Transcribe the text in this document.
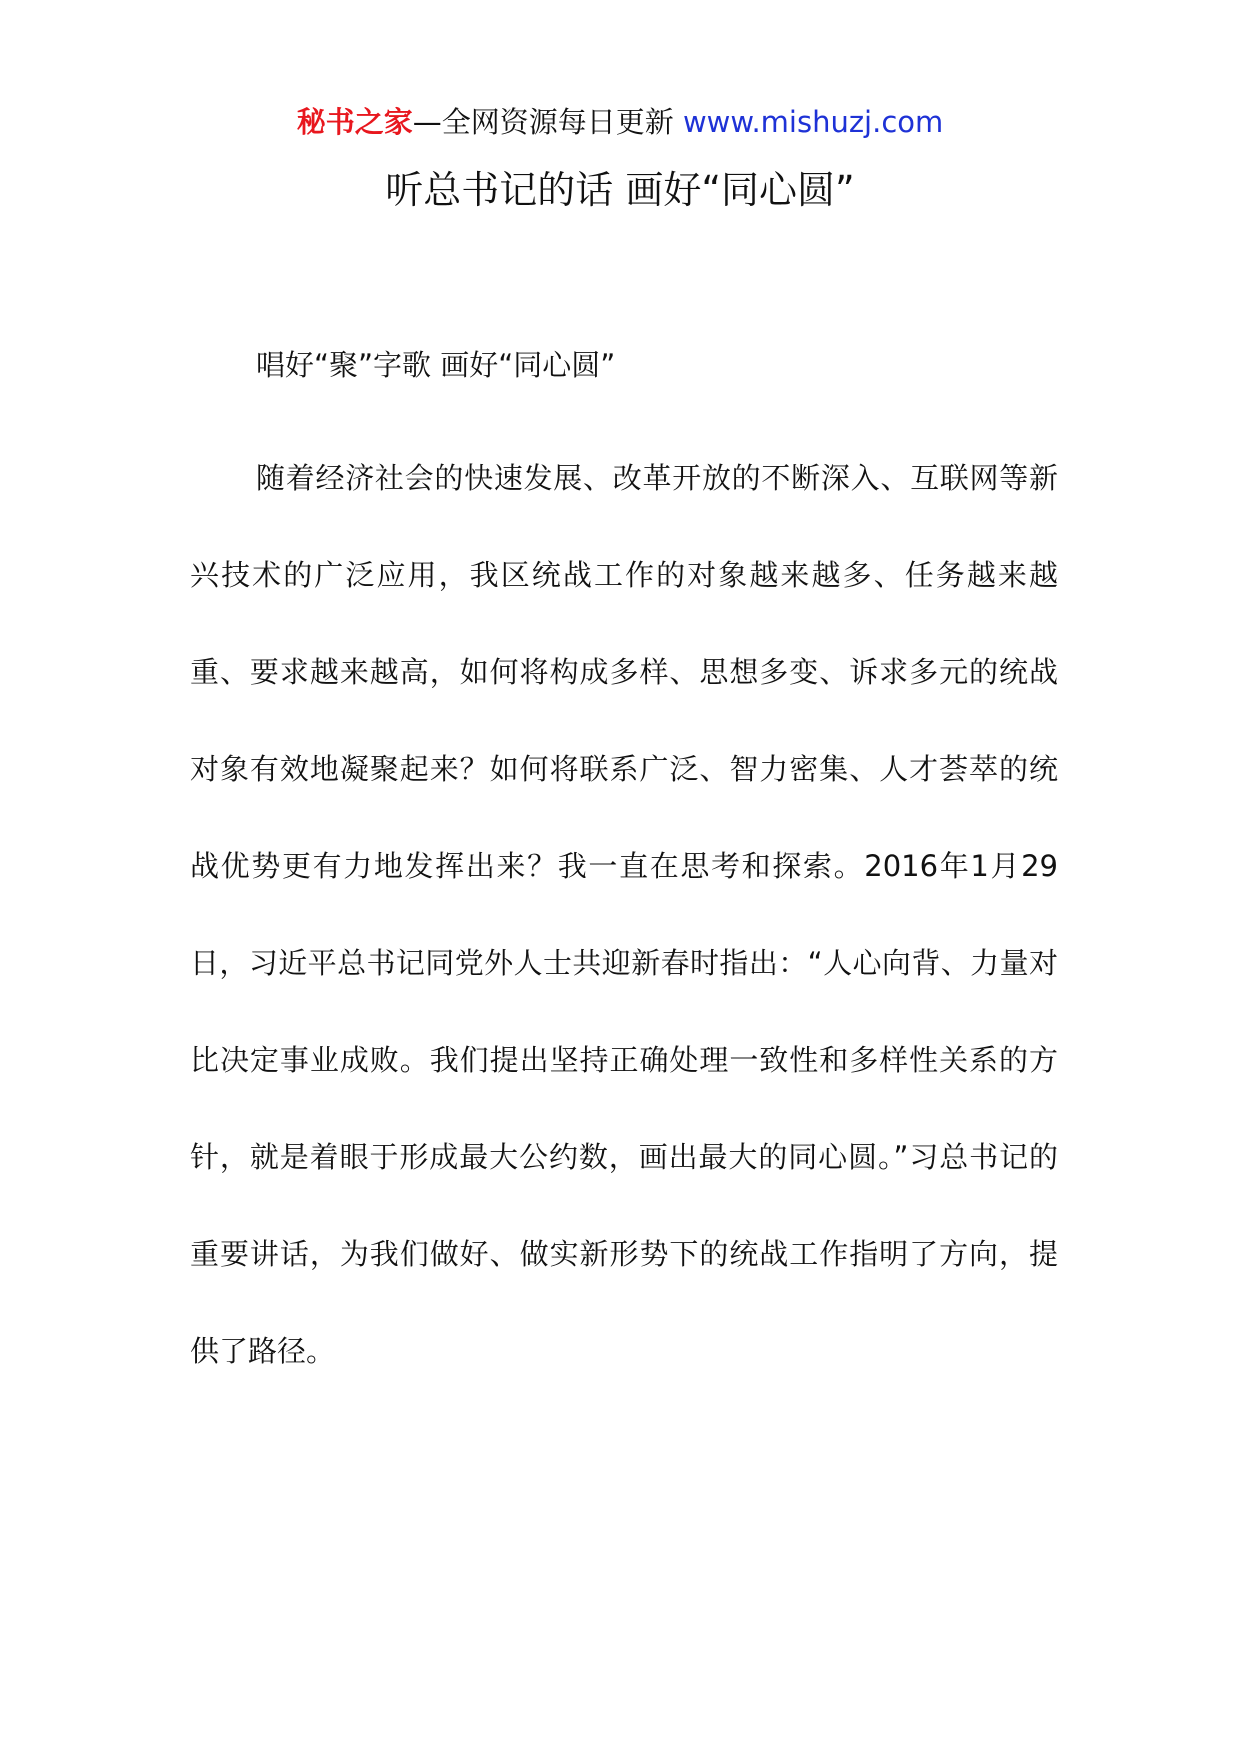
秘书之家—全网资源每日更新 www.mishuzj.com
听总书记的话 画好“同心圆”

唱好“聚”字歌 画好“同心圆”

随着经济社会的快速发展、改革开放的不断深入、互联网等新兴技术的广泛应用，我区统战工作的对象越来越多、任务越来越重、要求越来越高，如何将构成多样、思想多变、诉求多元的统战对象有效地凝聚起来？如何将联系广泛、智力密集、人才荟萃的统战优势更有力地发挥出来？我一直在思考和探索。2016年1月29日，习近平总书记同党外人士共迎新春时指出：“人心向背、力量对比决定事业成败。我们提出坚持正确处理一致性和多样性关系的方针，就是着眼于形成最大公约数，画出最大的同心圆。”习总书记的重要讲话，为我们做好、做实新形势下的统战工作指明了方向，提供了路径。
